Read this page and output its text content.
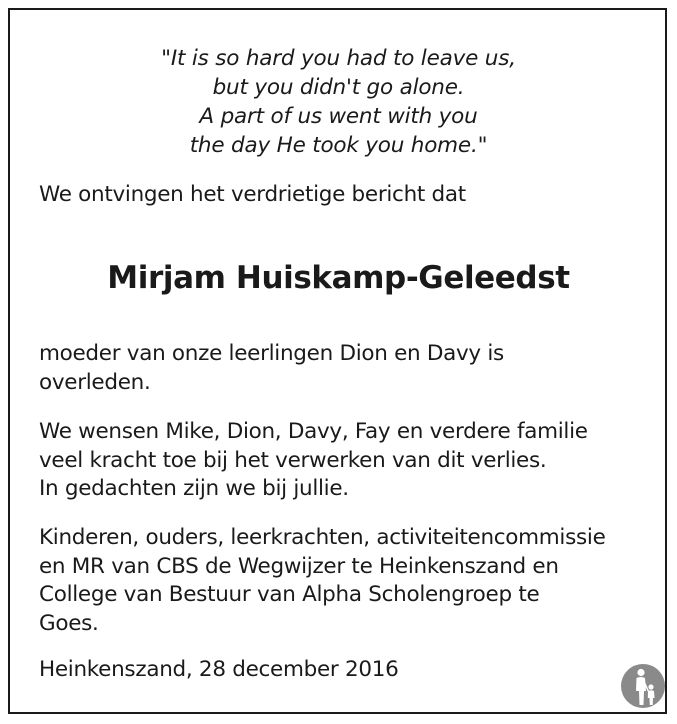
"It is so hard you had to leave us,
but you didn't go alone.
A part of us went with you
the day He took you home."
We ontvingen het verdrietige bericht dat
Mirjam Huiskamp-Geleedst
moeder van onze leerlingen Dion en Davy is
overleden.
We wensen Mike, Dion, Davy, Fay en verdere familie
veel kracht toe bij het verwerken van dit verlies.
In gedachten zijn we bij jullie.
Kinderen, ouders, leerkrachten, activiteitencommissie
en MR van CBS de Wegwijzer te Heinkenszand en
College van Bestuur van Alpha Scholengroep te
Goes.
Heinkenszand, 28 december 2016
